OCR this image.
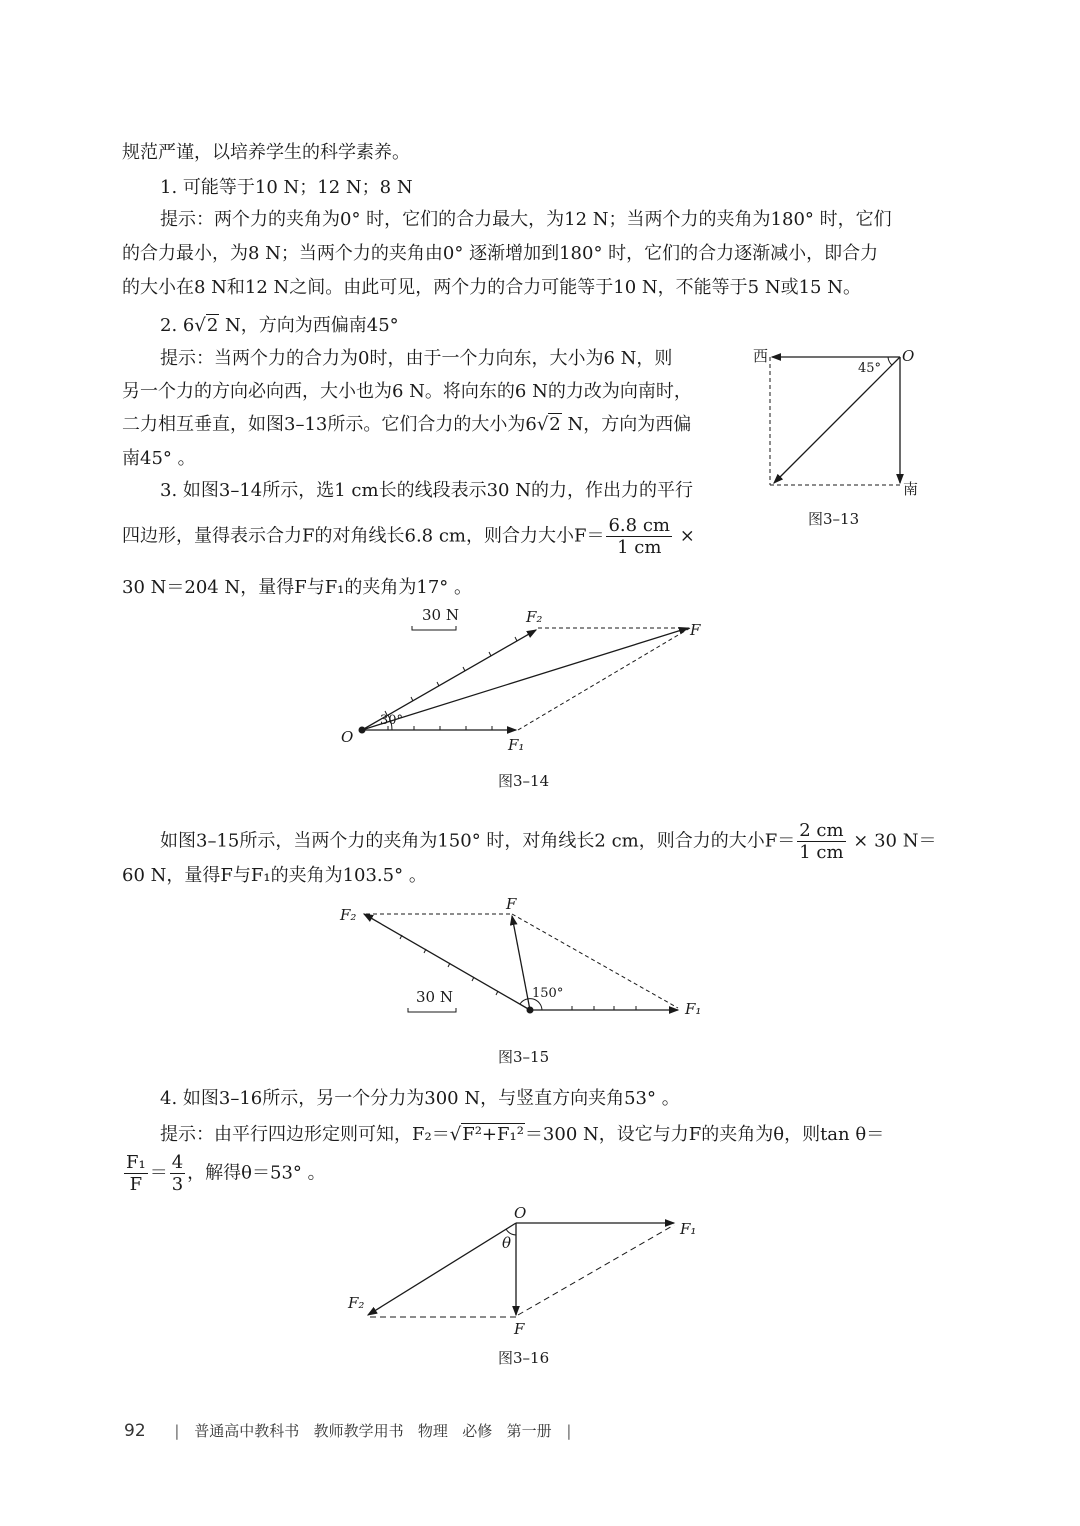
规范严谨，以培养学生的科学素养。
1. 可能等于10 N；12 N；8 N
提示：两个力的夹角为0° 时，它们的合力最大，为12 N；当两个力的夹角为180° 时，它们
的合力最小，为8 N；当两个力的夹角由0° 逐渐增加到180° 时，它们的合力逐渐减小，即合力
的大小在8 N和12 N之间。由此可见，两个力的合力可能等于10 N，不能等于5 N或15 N。
2. 6√2 N，方向为西偏南45°
提示：当两个力的合力为0时，由于一个力向东，大小为6 N，则
另一个力的方向必向西，大小也为6 N。将向东的6 N的力改为向南时，
二力相互垂直，如图3–13所示。它们合力的大小为6√2 N，方向为西偏
南45° 。
3. 如图3–14所示，选1 cm长的线段表示30 N的力，作出力的平行
四边形，量得表示合力F的对角线长6.8 cm，则合力大小$F= \frac{6.8 cm}{1 cm}$ ×
30 N＝204 N，量得F与F₁的夹角为17° 。
西	O
45°
南
图3–13
30 N	F₂
F
O
30°
F₁
图3–14
如图3–15所示，当两个力的夹角为150° 时，对角线长2 cm，则合力的大小$F= \frac{2 cm}{1 cm} \times 30$ N＝
60 N，量得F与F₁的夹角为103.5° 。
F₂
F
30 N	150°
F₁
图3–15
4. 如图3–16所示，另一个分力为300 N，与竖直方向夹角53° 。
提示：由平行四边形定则可知，F₂＝√F²+F₁²＝300 N，设它与力F的夹角为θ，则tan θ＝
$\frac{\text{F₁}}{F} = \frac{4}{3}$ ，解得θ＝53° 。
O
F₁
θ
F₂
F
图3–16
92 | 普通高中教科书 教师教学用书 物理 必修 第一册 |
